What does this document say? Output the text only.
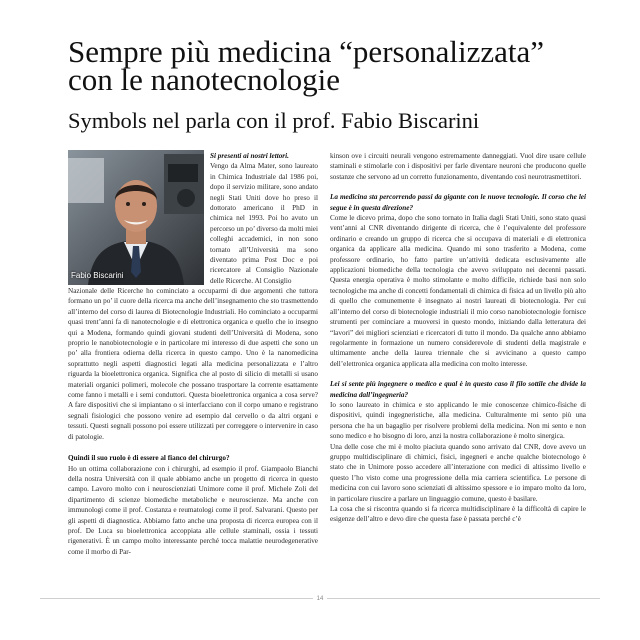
Sempre più medicina “personalizzata” con le nanotecnologie
Symbols nel parla con il prof. Fabio Biscarini
Fabio Biscarini

Si presenti ai nostri lettori.
Vengo da Alma Mater, sono laureato in Chimica Industriale dal 1986 poi, dopo il servizio militare, sono andato negli Stati Uniti dove ho preso il dottorato americano il PhD in chimica nel 1993. Poi ho avuto un percorso un po’ diverso da molti miei colleghi accademici, in non sono tornato all’Università ma sono diventato prima Post Doc e poi ricercatore al Consiglio Nazionale delle Ricerche. Al Consiglio

Nazionale delle Ricerche ho cominciato a occuparmi di due argomenti che tuttora formano un po’ il cuore della ricerca ma anche dell’insegnamento che sto trasmettendo all’interno del corso di laurea di Biotecnologie Industriali. Ho cominciato a occuparmi quasi trent’anni fa di nanotecnologie e di elettronica organica e quello che io insegno qui a Modena, formando quindi giovani studenti dell’Università di Modena, sono proprio le nanobiotecnologie e in particolare mi interesso di due aspetti che sono un po’ alla frontiera odierna della ricerca in questo campo. Uno è la nanomedicina soprattutto negli aspetti diagnostici legati alla medicina personalizzata e l’altro riguarda la bioelettronica organica. Significa che al posto di silicio di metalli si usano materiali organici polimeri, molecole che possano trasportare la corrente esattamente come fanno i metalli e i semi conduttori. Questa bioelettronica organica a cosa serve? A fare dispositivi che si impiantano o si interfacciano con il corpo umano e registrano segnali fisiologici che possono venire ad esempio dal cervello o da altri organi e tessuti. Questi segnali possono poi essere utilizzati per correggere o intervenire in caso di patologie.

Quindi il suo ruolo è di essere al fianco del chirurgo?

Ho un ottima collaborazione con i chirurghi, ad esempio il prof. Giampaolo Bianchi della nostra Università con il quale abbiamo anche un progetto di ricerca in questo campo. Lavoro molto con i neuroscienziati Unimore come il prof. Michele Zoli del dipartimento di scienze biomediche metaboliche e neuroscienze. Ma anche con immunologi come il prof. Costanza e reumatologi come il prof. Salvarani. Questo per gli aspetti di diagnostica. Abbiamo fatto anche una proposta di ricerca europea con il prof. De Luca su bioelettronica accoppiata alle cellule staminali, ossia i tessuti rigenerativi. È un campo molto interessante perché tocca malattie neurodegenerative come il morbo di Par-

kinson ove i circuiti neurali vengono estremamente danneggiati. Vuol dire usare cellule staminali e stimolarle con i dispositivi per farle diventare neuroni che producono quelle sostanze che servono ad un corretto funzionamento, diventando così neurotrasmettitori.

La medicina sta percorrendo passi da gigante con le nuove tecnologie. Il corso che lei segue è in questa direzione?

Come le dicevo prima, dopo che sono tornato in Italia dagli Stati Uniti, sono stato quasi vent’anni al CNR diventando dirigente di ricerca, che è l’equivalente del professore ordinario e creando un gruppo di ricerca che si occupava di materiali e di elettronica organica da applicare alla medicina. Quando mi sono trasferito a Modena, come professore ordinario, ho fatto partire un’attività dedicata esclusivamente alle applicazioni biomediche della tecnologia che avevo sviluppato nei decenni passati. Questa energia operativa è molto stimolante e molto difficile, richiede basi non solo tecnologiche ma anche di concetti fondamentali di chimica di fisica ad un livello più alto di quello che comunemente è insegnato ai nostri laureati di biotecnologia. Per cui all’interno del corso di biotecnologie industriali il mio corso nanobiotecnologie fornisce strumenti per cominciare a muoversi in questo mondo, iniziando dalla letteratura dei “lavori” dei migliori scienziati e ricercatori di tutto il mondo. Da qualche anno abbiamo regolarmente in formazione un numero considerevole di studenti della magistrale e ultimamente anche della laurea triennale che si avvicinano a questo campo dell’elettronica organica applicata alla medicina con molto interesse.

Lei si sente più ingegnere o medico e qual è in questo caso il filo sottile che divide la medicina dall’ingegneria?

Io sono laureato in chimica e sto applicando le mie conoscenze chimico-fisiche di dispositivi, quindi ingegneristiche, alla medicina. Culturalmente mi sento più una persona che ha un bagaglio per risolvere problemi della medicina. Non mi sento e non sono medico e ho bisogno di loro, anzi la nostra collaborazione è molto sinergica.

Una delle cose che mi è molto piaciuta quando sono arrivato dal CNR, dove avevo un gruppo multidisciplinare di chimici, fisici, ingegneri e anche qualche biotecnologo è stato che in Unimore posso accedere all’interazione con medici di altissimo livello e questo l’ho visto come una progressione della mia carriera scientifica. Le persone di medicina con cui lavoro sono scienziati di altissimo spessore e io imparo molto da loro, in particolare riuscire a parlare un linguaggio comune, questo è basilare.

La cosa che si riscontra quando si fa ricerca multidisciplinare è la difficoltà di capire le esigenze dell’altro e devo dire che questa fase è passata perché c’è

14
